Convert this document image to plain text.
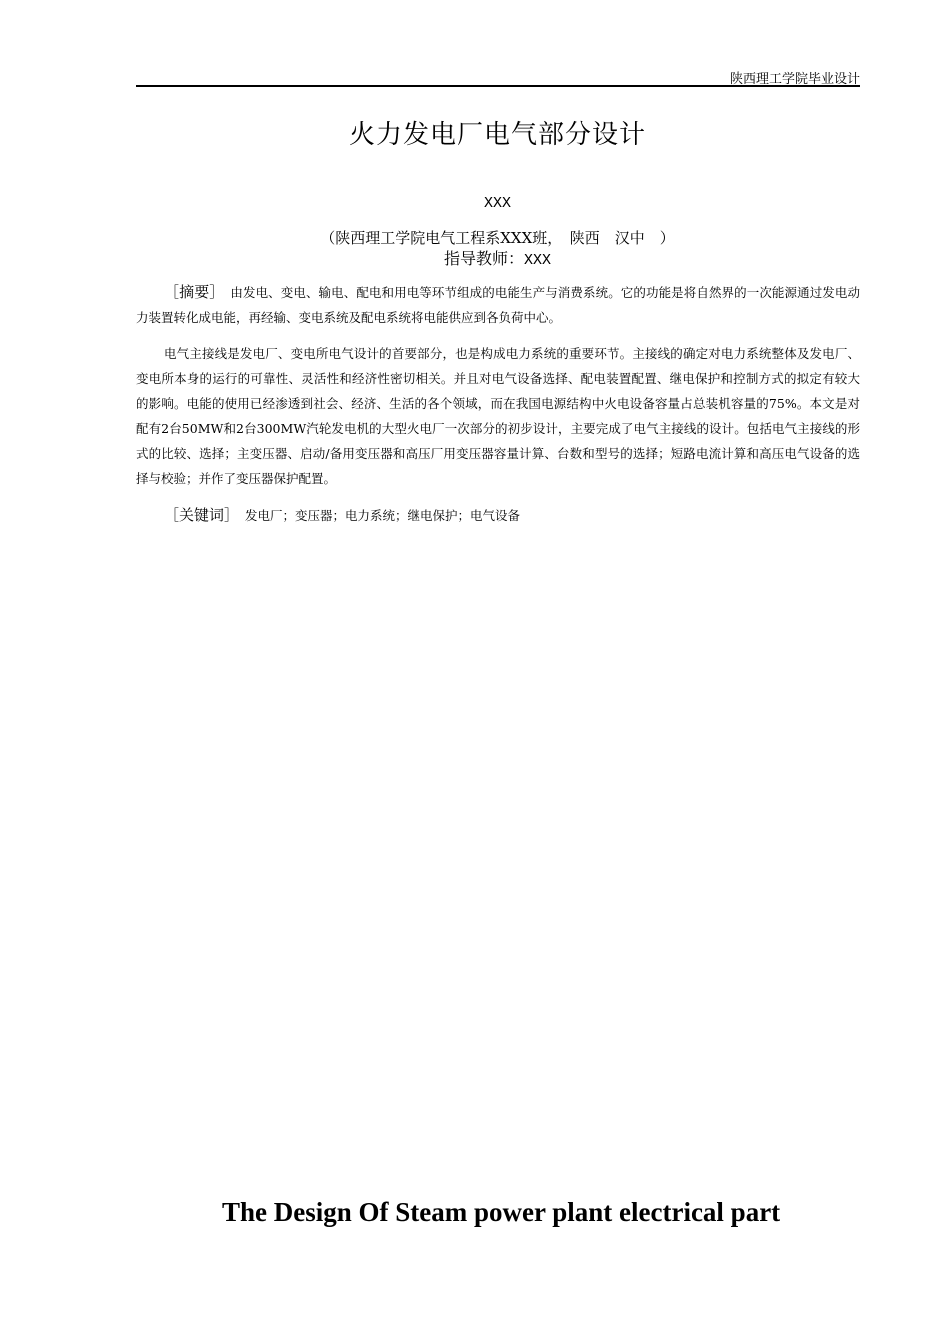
陕西理工学院毕业设计
火力发电厂电气部分设计
XXX
（陕西理工学院电气工程系XXX班，　陕西　汉中　）
指导教师：XXX
［摘要］ 由发电、变电、输电、配电和用电等环节组成的电能生产与消费系统。它的功能是将自然界的一次能源通过发电动力装置转化成电能，再经输、变电系统及配电系统将电能供应到各负荷中心。
电气主接线是发电厂、变电所电气设计的首要部分，也是构成电力系统的重要环节。主接线的确定对电力系统整体及发电厂、变电所本身的运行的可靠性、灵活性和经济性密切相关。并且对电气设备选择、配电装置配置、继电保护和控制方式的拟定有较大的影响。电能的使用已经渗透到社会、经济、生活的各个领域，而在我国电源结构中火电设备容量占总装机容量的75%。本文是对配有2台50MW和2台300MW汽轮发电机的大型火电厂一次部分的初步设计，主要完成了电气主接线的设计。包括电气主接线的形式的比较、选择；主变压器、启动/备用变压器和高压厂用变压器容量计算、台数和型号的选择；短路电流计算和高压电气设备的选择与校验；并作了变压器保护配置。
［关键词］ 发电厂；变压器；电力系统；继电保护；电气设备
The Design Of Steam power plant electrical part
